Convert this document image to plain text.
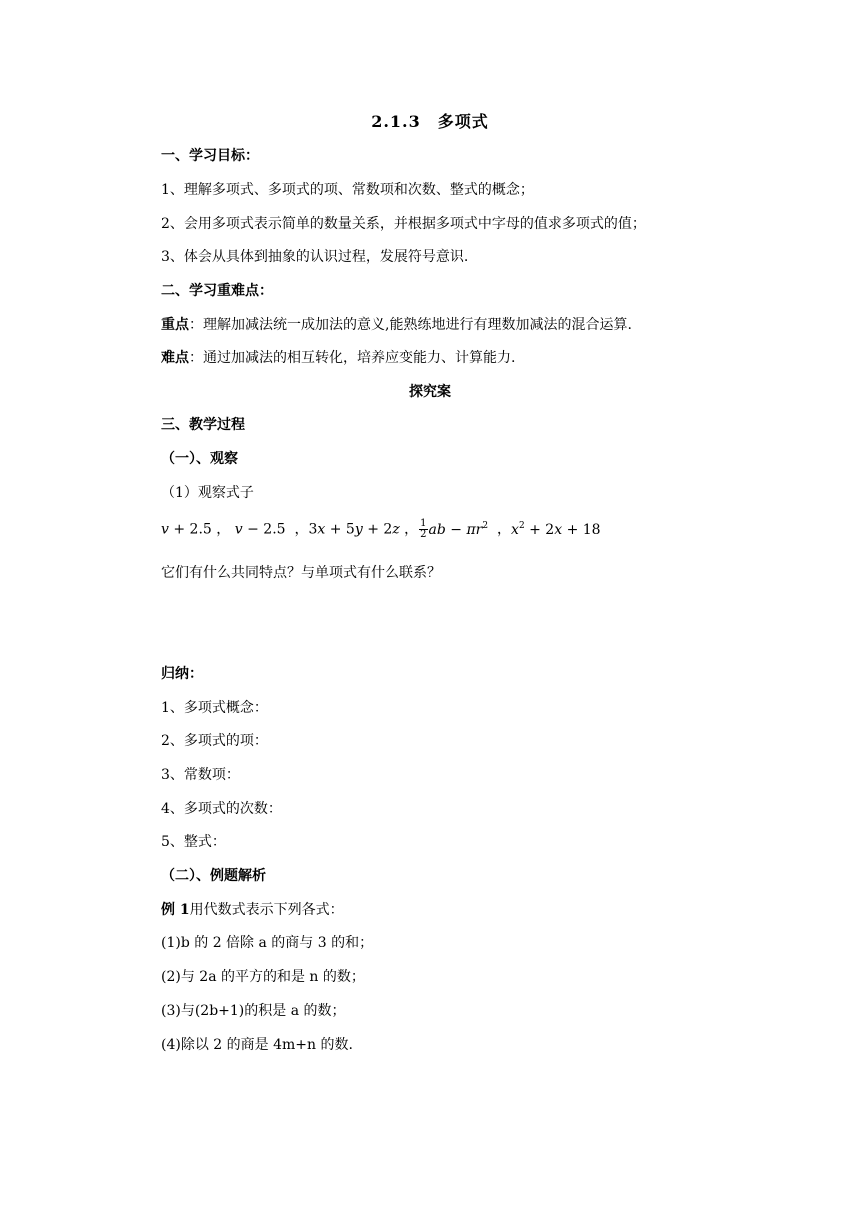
2.1.3　多项式
一、学习目标：
1、理解多项式、多项式的项、常数项和次数、整式的概念；
2、会用多项式表示简单的数量关系，并根据多项式中字母的值求多项式的值；
3、体会从具体到抽象的认识过程，发展符号意识.
二、学习重难点：
重点：理解加减法统一成加法的意义,能熟练地进行有理数加减法的混合运算.
难点：通过加减法的相互转化，培养应变能力、计算能力.
探究案
三、教学过程
（一）、观察
（1）观察式子
v + 2.5 ， v − 2.5  ，3x + 5y + 2z ， $\frac{1}{2}$ ab − $\pi r^2$  ，$x^2 + 2x + 18$
它们有什么共同特点？与单项式有什么联系？
归纳：
1、多项式概念：
2、多项式的项：
3、常数项：
4、多项式的次数：
5、整式：
（二）、例题解析
例 1用代数式表示下列各式：
(1)b 的 2 倍除 a 的商与 3 的和；
(2)与 2a 的平方的和是 n 的数；
(3)与(2b+1)的积是 a 的数；
(4)除以 2 的商是 4m+n 的数.
